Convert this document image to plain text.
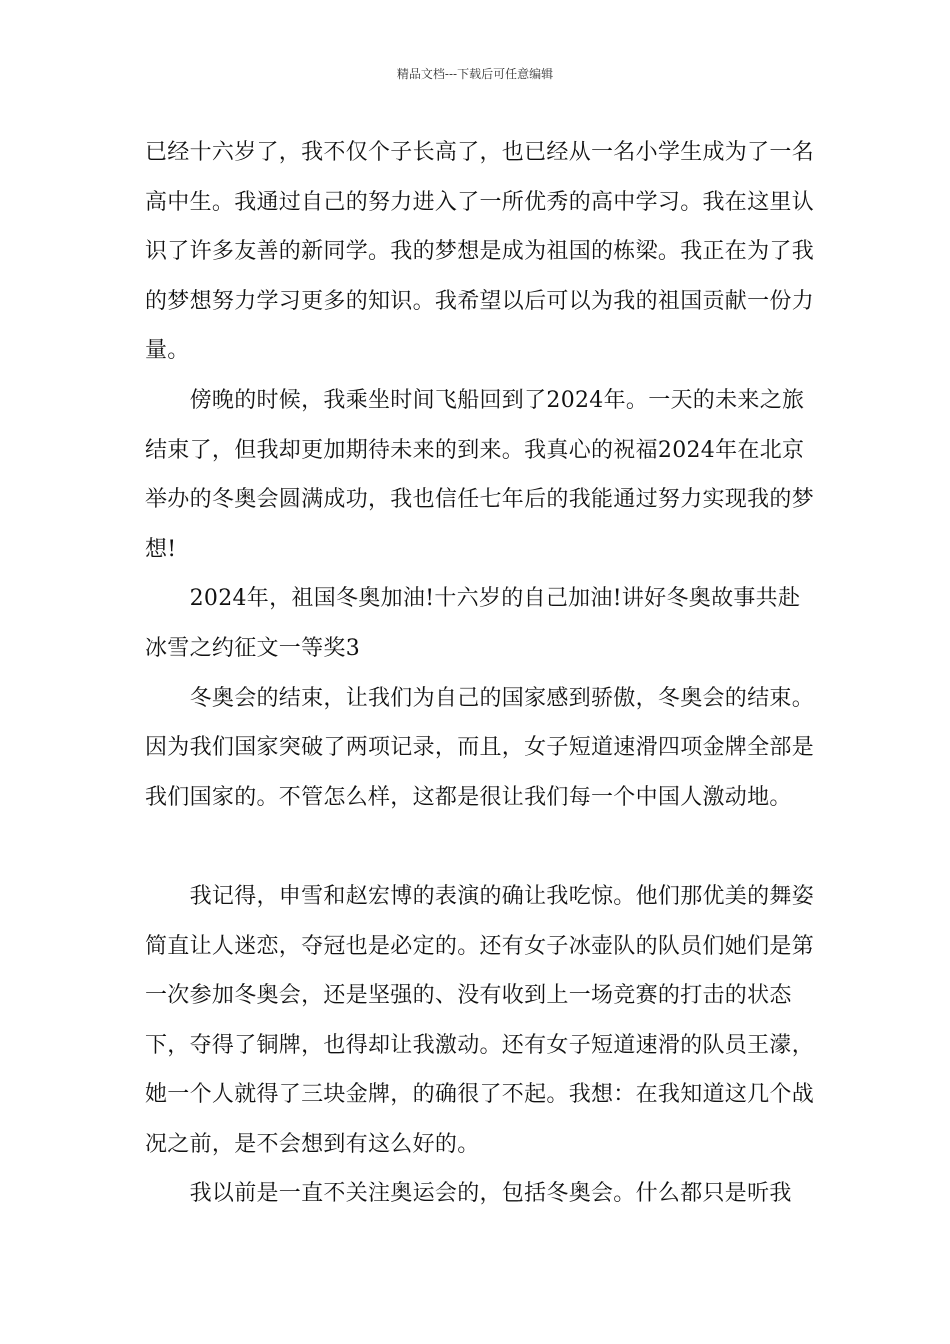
精品文档---下载后可任意编辑

已经十六岁了，我不仅个子长高了，也已经从一名小学生成为了一名高中生。我通过自己的努力进入了一所优秀的高中学习。我在这里认识了许多友善的新同学。我的梦想是成为祖国的栋梁。我正在为了我的梦想努力学习更多的知识。我希望以后可以为我的祖国贡献一份力量。

　　傍晚的时候，我乘坐时间飞船回到了2024年。一天的未来之旅结束了，但我却更加期待未来的到来。我真心的祝福2024年在北京举办的冬奥会圆满成功，我也信任七年后的我能通过努力实现我的梦想!

　　2024年，祖国冬奥加油!十六岁的自己加油!讲好冬奥故事共赴冰雪之约征文一等奖3

　　冬奥会的结束，让我们为自己的国家感到骄傲，冬奥会的结束。因为我们国家突破了两项记录，而且，女子短道速滑四项金牌全部是我们国家的。不管怎么样，这都是很让我们每一个中国人激动地。

　　我记得，申雪和赵宏博的表演的确让我吃惊。他们那优美的舞姿简直让人迷恋，夺冠也是必定的。还有女子冰壶队的队员们她们是第一次参加冬奥会，还是坚强的、没有收到上一场竞赛的打击的状态下，夺得了铜牌，也得却让我激动。还有女子短道速滑的队员王濛，她一个人就得了三块金牌，的确很了不起。我想：在我知道这几个战况之前，是不会想到有这么好的。

　　我以前是一直不关注奥运会的，包括冬奥会。什么都只是听我
